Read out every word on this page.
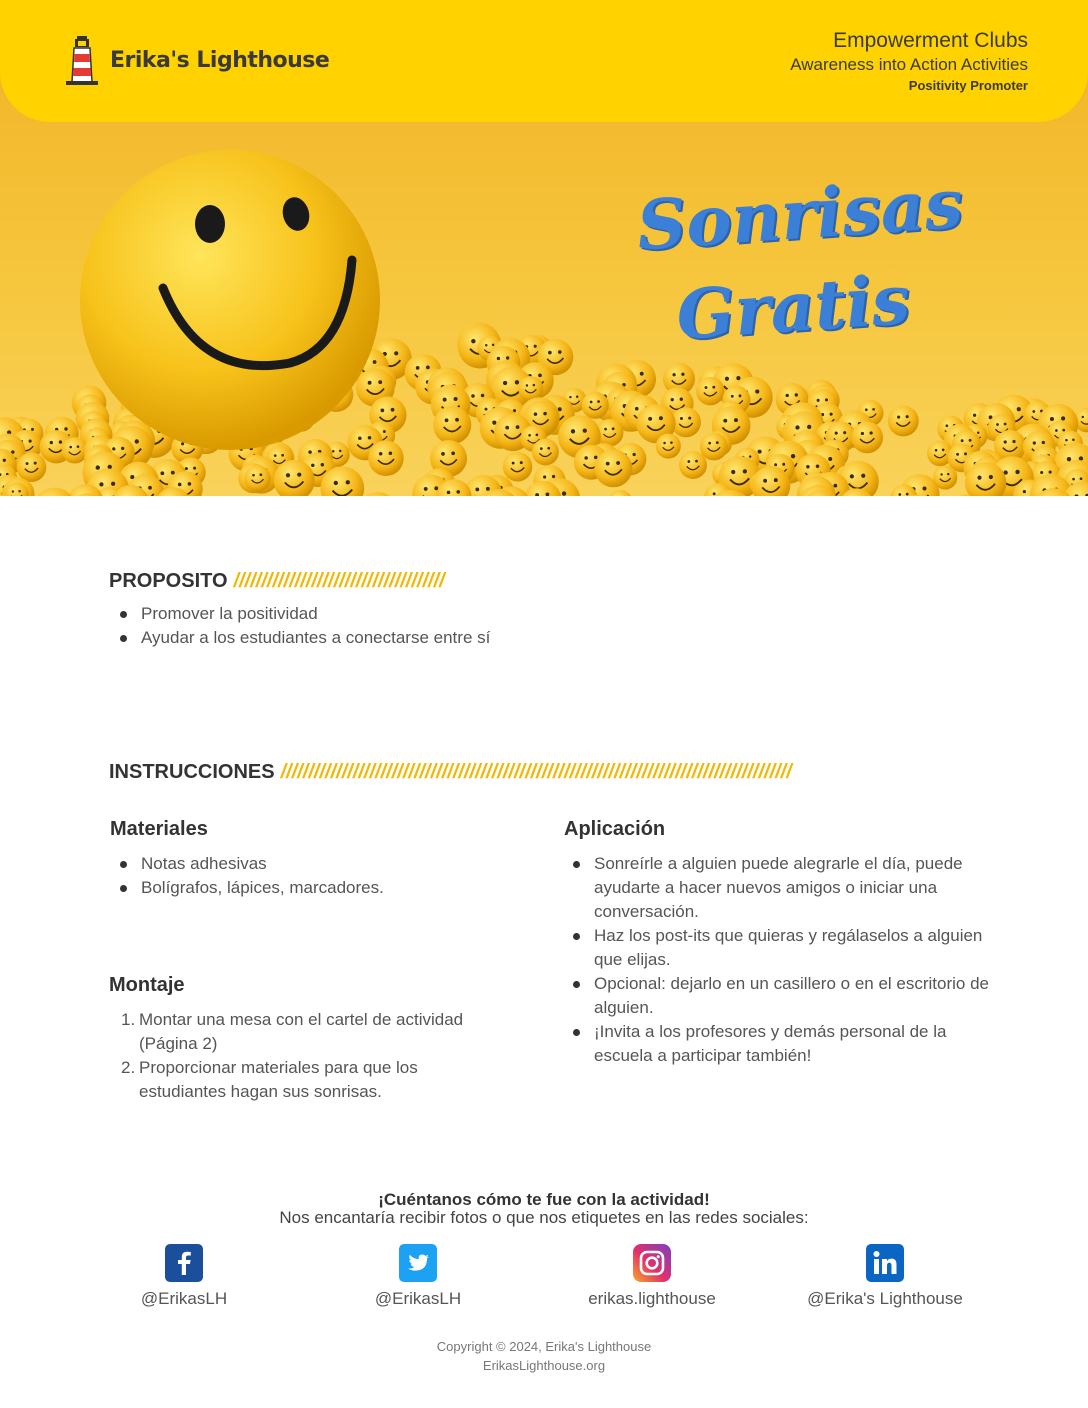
Erika's Lighthouse
Empowerment Clubs
Awareness into Action Activities
Positivity Promoter
Sonrisas
Gratis
PROPOSITO //////////////////////////////////////
Promover la positividad
Ayudar a los estudiantes a conectarse entre sí
INSTRUCCIONES ////////////////////////////////////////////////////////////////////////////////////////////
Materiales
Notas adhesivas
Bolígrafos, lápices, marcadores.
Montaje
1. Montar una mesa con el cartel de actividad (Página 2)
2. Proporcionar materiales para que los estudiantes hagan sus sonrisas.
Aplicación
Sonreírle a alguien puede alegrarle el día, puede ayudarte a hacer nuevos amigos o iniciar una conversación.
Haz los post-its que quieras y regálaselos a alguien que elijas.
Opcional: dejarlo en un casillero o en el escritorio de alguien.
¡Invita a los profesores y demás personal de la escuela a participar también!
¡Cuéntanos cómo te fue con la actividad!
Nos encantaría recibir fotos o que nos etiquetes en las redes sociales:
@ErikasLH	@ErikasLH	erikas.lighthouse	@Erika's Lighthouse
Copyright © 2024, Erika's Lighthouse
ErikasLighthouse.org
